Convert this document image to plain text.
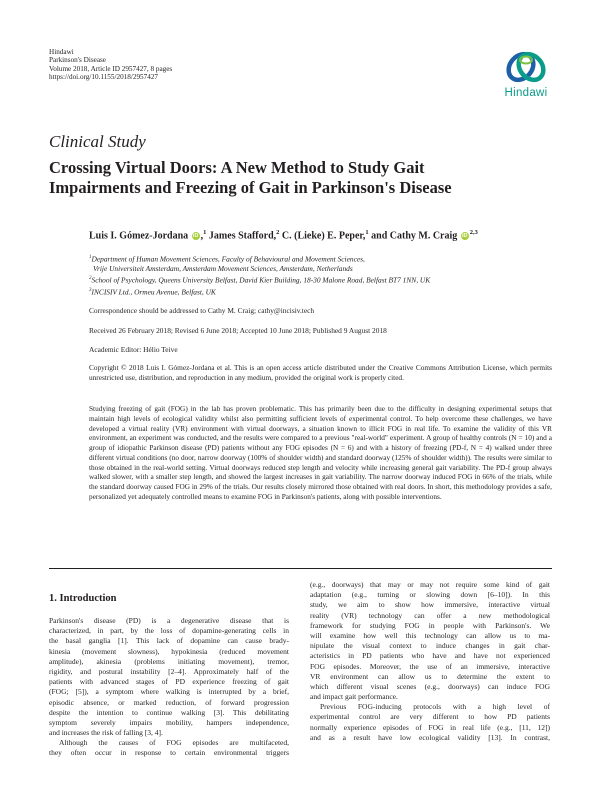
Hindawi
Parkinson's Disease
Volume 2018, Article ID 2957427, 8 pages
https://doi.org/10.1155/2018/2957427
Hindawi
Clinical Study
Crossing Virtual Doors: A New Method to Study Gait
Impairments and Freezing of Gait in Parkinson's Disease
Luis I. Gómez-Jordana iD ,$^1$ James Stafford,$^2$ C. (Lieke) E. Peper,$^1$ and Cathy M. Craig iD$^{2,3}$
$^1$Department of Human Movement Sciences, Faculty of Behavioural and Movement Sciences,
Vrije Universiteit Amsterdam, Amsterdam Movement Sciences, Amsterdam, Netherlands
$^2$School of Psychology, Queens University Belfast, David Kier Building, 18-30 Malone Road, Belfast BT7 1NN, UK
$^3$INCISIV Ltd., Ormeu Avenue, Belfast, UK
Correspondence should be addressed to Cathy M. Craig; cathy@incisiv.tech
Received 26 February 2018; Revised 6 June 2018; Accepted 10 June 2018; Published 9 August 2018
Academic Editor: Hélio Teive
Copyright © 2018 Luis I. Gómez-Jordana et al. This is an open access article distributed under the Creative Commons Attribution License, which permits unrestricted use, distribution, and reproduction in any medium, provided the original work is properly cited.
Studying freezing of gait (FOG) in the lab has proven problematic. This has primarily been due to the difficulty in designing experimental setups that maintain high levels of ecological validity whilst also permitting sufficient levels of experimental control. To help overcome these challenges, we have developed a virtual reality (VR) environment with virtual doorways, a situation known to illicit FOG in real life. To examine the validity of this VR environment, an experiment was conducted, and the results were compared to a previous "real-world" experiment. A group of healthy controls (N = 10) and a group of idiopathic Parkinson disease (PD) patients without any FOG episodes (N = 6) and with a history of freezing (PD-f, N = 4) walked under three different virtual conditions (no door, narrow doorway (100% of shoulder width) and standard doorway (125% of shoulder width)). The results were similar to those obtained in the real-world setting. Virtual doorways reduced step length and velocity while increasing general gait variability. The PD-f group always walked slower, with a smaller step length, and showed the largest increases in gait variability. The narrow doorway induced FOG in 66% of the trials, while the standard doorway caused FOG in 29% of the trials. Our results closely mirrored those obtained with real doors. In short, this methodology provides a safe, personalized yet adequately controlled means to examine FOG in Parkinson's patients, along with possible interventions.
1. Introduction
Parkinson's disease (PD) is a degenerative disease that is
characterized, in part, by the loss of dopamine-generating cells in
the basal ganglia [1]. This lack of dopamine can cause brady-
kinesia (movement slowness), hypokinesia (reduced movement
amplitude), akinesia (problems initiating movement), tremor,
rigidity, and postural instability [2–4]. Approximately half of the
patients with advanced stages of PD experience freezing of gait
(FOG; [5]), a symptom where walking is interrupted by a brief,
episodic absence, or marked reduction, of forward progression
despite the intention to continue walking [3]. This debilitating
symptom severely impairs mobility, hampers independence,
and increases the risk of falling [3, 4].
Although the causes of FOG episodes are multifaceted,
they often occur in response to certain environmental triggers
(e.g., doorways) that may or may not require some kind of gait
adaptation (e.g., turning or slowing down [6–10]). In this
study, we aim to show how immersive, interactive virtual
reality (VR) technology can offer a new methodological
framework for studying FOG in people with Parkinson's. We
will examine how well this technology can allow us to ma-
nipulate the visual context to induce changes in gait char-
acteristics in PD patients who have and have not experienced
FOG episodes. Moreover, the use of an immersive, interactive
VR environment can allow us to determine the extent to
which different visual scenes (e.g., doorways) can induce FOG
and impact gait performance.
Previous FOG-inducing protocols with a high level of
experimental control are very different to how PD patients
normally experience episodes of FOG in real life (e.g., [11, 12])
and as a result have low ecological validity [13]. In contrast,
